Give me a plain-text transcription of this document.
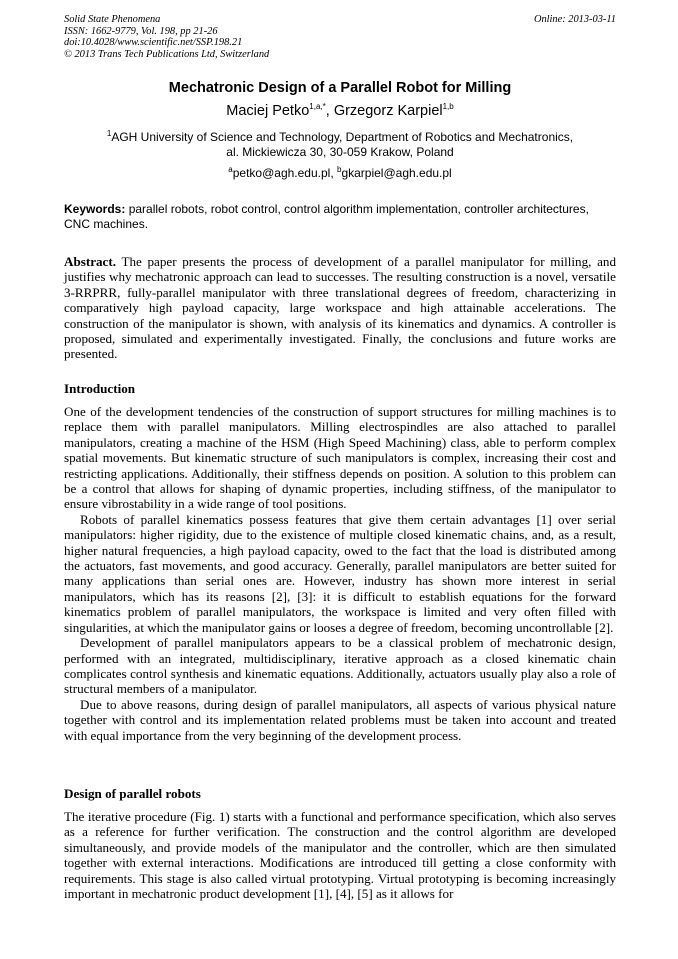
Solid State Phenomena
ISSN: 1662-9779, Vol. 198, pp 21-26
doi:10.4028/www.scientific.net/SSP.198.21
© 2013 Trans Tech Publications Ltd, Switzerland
Online: 2013-03-11
Mechatronic Design of a Parallel Robot for Milling
Maciej Petko$^{1,a,*}$, Grzegorz Karpiel$^{1,b}$
$^1$AGH University of Science and Technology, Department of Robotics and Mechatronics,
al. Mickiewicza 30, 30-059 Krakow, Poland
$^a$petko@agh.edu.pl, $^b$gkarpiel@agh.edu.pl
Keywords: parallel robots, robot control, control algorithm implementation, controller architectures, CNC machines.
Abstract. The paper presents the process of development of a parallel manipulator for milling, and justifies why mechatronic approach can lead to successes. The resulting construction is a novel, versatile 3-RRPRR, fully-parallel manipulator with three translational degrees of freedom, characterizing in comparatively high payload capacity, large workspace and high attainable accelerations. The construction of the manipulator is shown, with analysis of its kinematics and dynamics. A controller is proposed, simulated and experimentally investigated. Finally, the conclusions and future works are presented.
Introduction

One of the development tendencies of the construction of support structures for milling machines is to replace them with parallel manipulators. Milling electrospindles are also attached to parallel manipulators, creating a machine of the HSM (High Speed Machining) class, able to perform complex spatial movements. But kinematic structure of such manipulators is complex, increasing their cost and restricting applications. Additionally, their stiffness depends on position. A solution to this problem can be a control that allows for shaping of dynamic properties, including stiffness, of the manipulator to ensure vibrostability in a wide range of tool positions.

Robots of parallel kinematics possess features that give them certain advantages [1] over serial manipulators: higher rigidity, due to the existence of multiple closed kinematic chains, and, as a result, higher natural frequencies, a high payload capacity, owed to the fact that the load is distributed among the actuators, fast movements, and good accuracy. Generally, parallel manipulators are better suited for many applications than serial ones are. However, industry has shown more interest in serial manipulators, which has its reasons [2], [3]: it is difficult to establish equations for the forward kinematics problem of parallel manipulators, the workspace is limited and very often filled with singularities, at which the manipulator gains or looses a degree of freedom, becoming uncontrollable [2].

Development of parallel manipulators appears to be a classical problem of mechatronic design, performed with an integrated, multidisciplinary, iterative approach as a closed kinematic chain complicates control synthesis and kinematic equations. Additionally, actuators usually play also a role of structural members of a manipulator.

Due to above reasons, during design of parallel manipulators, all aspects of various physical nature together with control and its implementation related problems must be taken into account and treated with equal importance from the very beginning of the development process.

Design of parallel robots
The iterative procedure (Fig. 1) starts with a functional and performance specification, which also serves as a reference for further verification. The construction and the control algorithm are developed simultaneously, and provide models of the manipulator and the controller, which are then simulated together with external interactions. Modifications are introduced till getting a close conformity with requirements. This stage is also called virtual prototyping. Virtual prototyping is becoming increasingly important in mechatronic product development [1], [4], [5] as it allows for
